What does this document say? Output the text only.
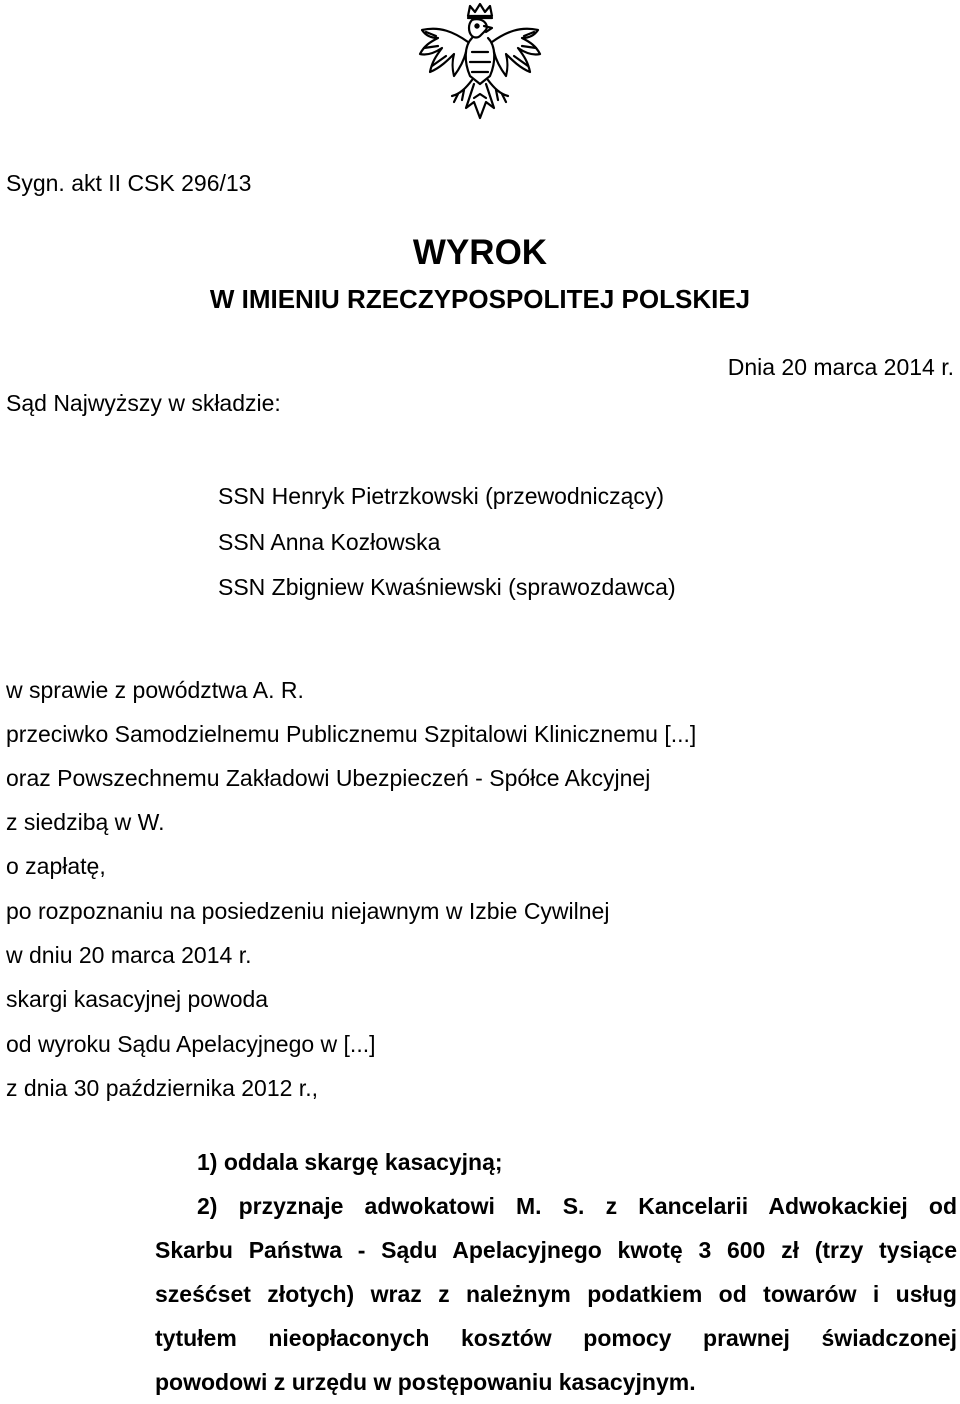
Sygn. akt II CSK 296/13
WYROK
W IMIENIU RZECZYPOSPOLITEJ POLSKIEJ
Dnia 20 marca 2014 r.
Sąd Najwyższy w składzie:
SSN Henryk Pietrzkowski (przewodniczący)
SSN Anna Kozłowska
SSN Zbigniew Kwaśniewski (sprawozdawca)
w sprawie z powództwa A. R.
przeciwko Samodzielnemu Publicznemu Szpitalowi Klinicznemu [...]
oraz Powszechnemu Zakładowi Ubezpieczeń - Spółce Akcyjnej
z siedzibą w W.
o zapłatę,
po rozpoznaniu na posiedzeniu niejawnym w Izbie Cywilnej
w dniu 20 marca 2014 r.
skargi kasacyjnej powoda
od wyroku Sądu Apelacyjnego w [...]
z dnia 30 października 2012 r.,
1) oddala skargę kasacyjną;
2) przyznaje adwokatowi M. S. z Kancelarii Adwokackiej od
Skarbu Państwa - Sądu Apelacyjnego kwotę 3 600 zł (trzy tysiące
sześćset złotych) wraz z należnym podatkiem od towarów i usług
tytułem nieopłaconych kosztów pomocy prawnej świadczonej
powodowi z urzędu w postępowaniu kasacyjnym.
